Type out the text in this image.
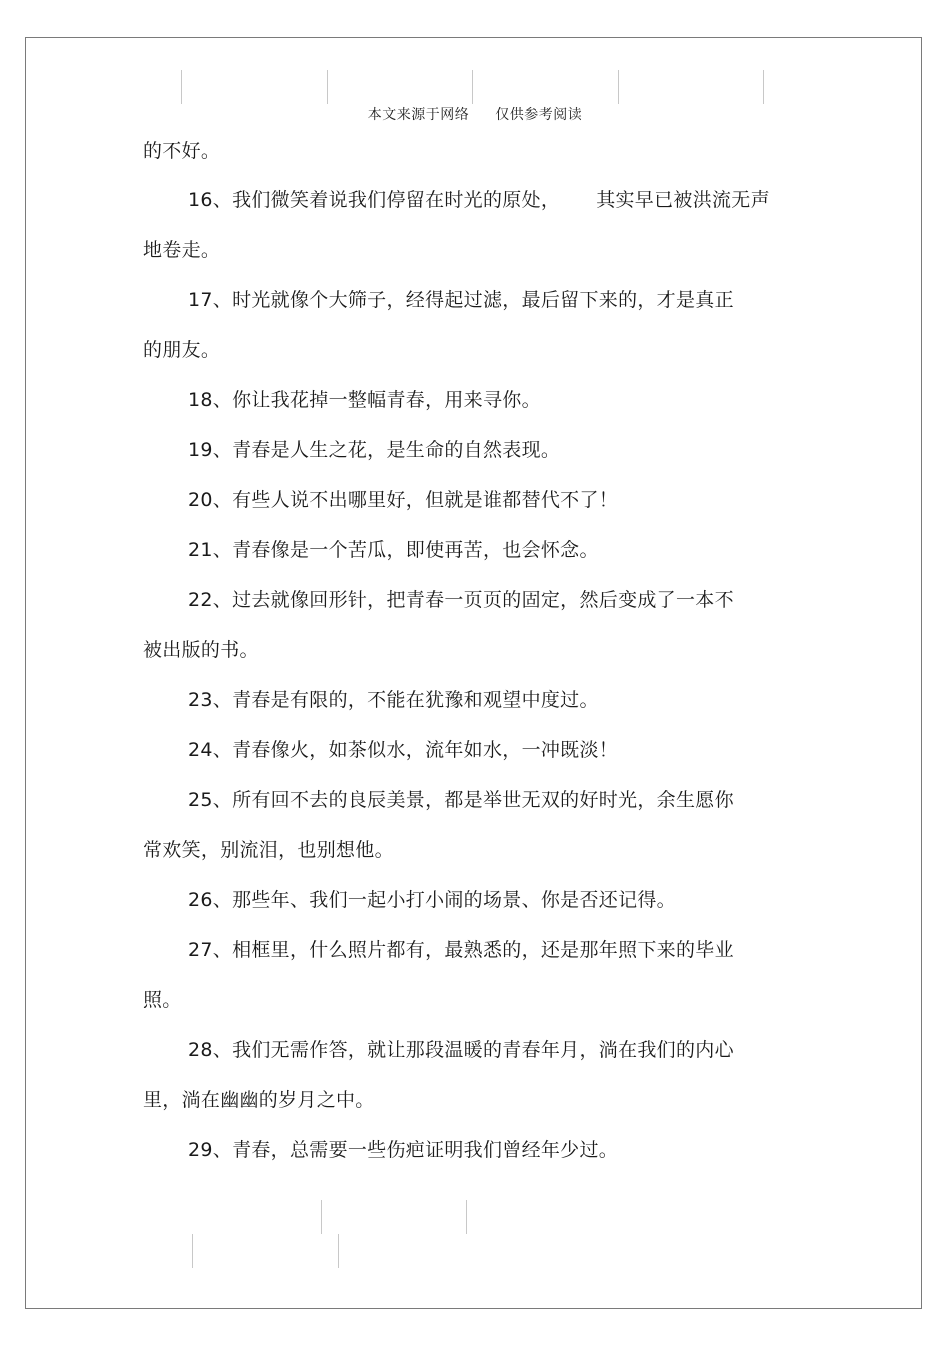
本文来源于网络 仅供参考阅读
的不好。
16、我们微笑着说我们停留在时光的原处， 其实早已被洪流无声
地卷走。
17、时光就像个大筛子，经得起过滤，最后留下来的，才是真正
的朋友。
18、你让我花掉一整幅青春，用来寻你。
19、青春是人生之花，是生命的自然表现。
20、有些人说不出哪里好，但就是谁都替代不了！
21、青春像是一个苦瓜，即使再苦，也会怀念。
22、过去就像回形针，把青春一页页的固定，然后变成了一本不
被出版的书。
23、青春是有限的，不能在犹豫和观望中度过。
24、青春像火，如茶似水，流年如水，一冲既淡！
25、所有回不去的良辰美景，都是举世无双的好时光，余生愿你
常欢笑，别流泪，也别想他。
26、那些年、我们一起小打小闹的场景、你是否还记得。
27、相框里，什么照片都有，最熟悉的，还是那年照下来的毕业
照。
28、我们无需作答，就让那段温暖的青春年月，淌在我们的内心
里，淌在幽幽的岁月之中。
29、青春，总需要一些伤疤证明我们曾经年少过。
